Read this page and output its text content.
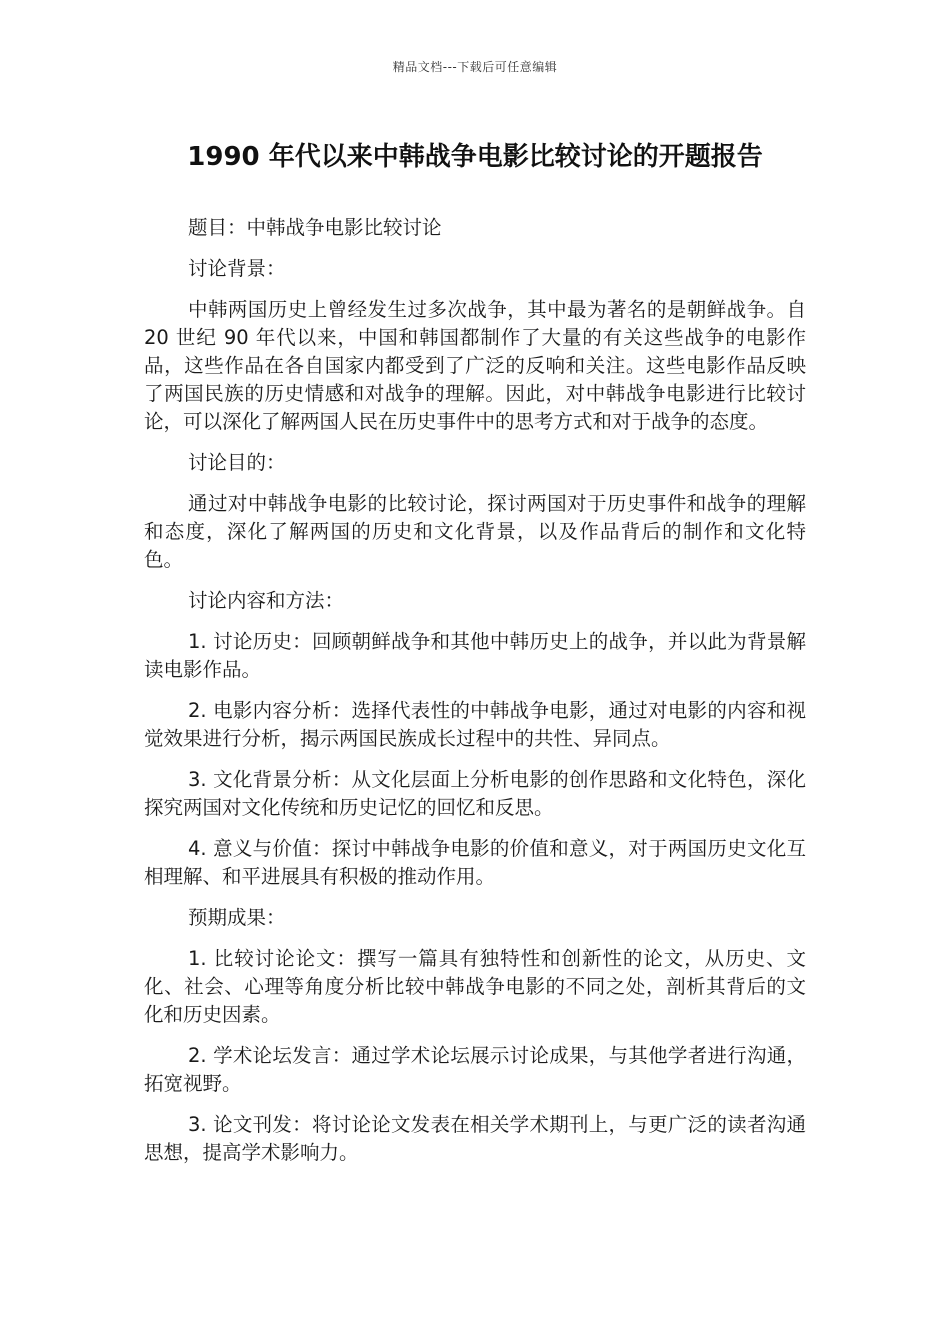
精品文档---下载后可任意编辑
1990 年代以来中韩战争电影比较讨论的开题报告

题目：中韩战争电影比较讨论

讨论背景：

中韩两国历史上曾经发生过多次战争，其中最为著名的是朝鲜战争。自 20 世纪 90 年代以来，中国和韩国都制作了大量的有关这些战争的电影作品，这些作品在各自国家内都受到了广泛的反响和关注。这些电影作品反映了两国民族的历史情感和对战争的理解。因此，对中韩战争电影进行比较讨论，可以深化了解两国人民在历史事件中的思考方式和对于战争的态度。

讨论目的：

通过对中韩战争电影的比较讨论，探讨两国对于历史事件和战争的理解和态度，深化了解两国的历史和文化背景，以及作品背后的制作和文化特色。

讨论内容和方法：

1. 讨论历史：回顾朝鲜战争和其他中韩历史上的战争，并以此为背景解读电影作品。

2. 电影内容分析：选择代表性的中韩战争电影，通过对电影的内容和视觉效果进行分析，揭示两国民族成长过程中的共性、异同点。

3. 文化背景分析：从文化层面上分析电影的创作思路和文化特色，深化探究两国对文化传统和历史记忆的回忆和反思。

4. 意义与价值：探讨中韩战争电影的价值和意义，对于两国历史文化互相理解、和平进展具有积极的推动作用。

预期成果：

1. 比较讨论论文：撰写一篇具有独特性和创新性的论文，从历史、文化、社会、心理等角度分析比较中韩战争电影的不同之处，剖析其背后的文化和历史因素。

2. 学术论坛发言：通过学术论坛展示讨论成果，与其他学者进行沟通，拓宽视野。

3. 论文刊发：将讨论论文发表在相关学术期刊上，与更广泛的读者沟通思想，提高学术影响力。
